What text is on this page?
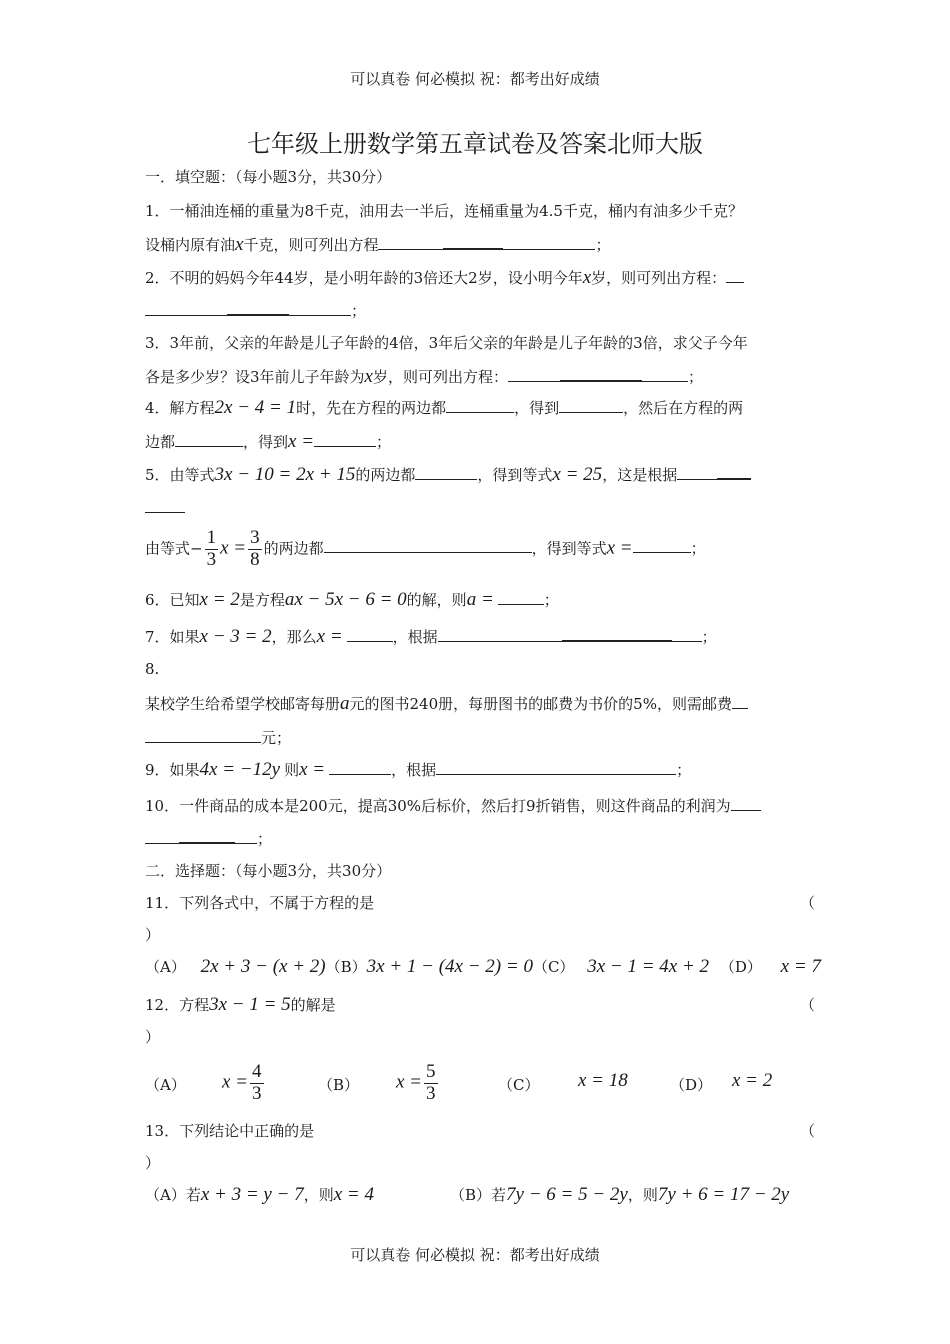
可以真卷 何必模拟 祝：都考出好成绩
七年级上册数学第五章试卷及答案北师大版
一．填空题：（每小题3分，共30分）
1．一桶油连桶的重量为8千克，油用去一半后，连桶重量为4.5千克，桶内有油多少千克？
设桶内原有油x千克，则可列出方程	；
2．不明的妈妈今年44岁，是小明年龄的3倍还大2岁，设小明今年x岁，则可列出方程：
；
3．3年前，父亲的年龄是儿子年龄的4倍，3年后父亲的年龄是儿子年龄的3倍，求父子今年
各是多少岁？设3年前儿子年龄为x岁，则可列出方程：	；
4．解方程2x − 4 = 1时，先在方程的两边都	，得到	，然后在方程的两
边都	，得到x =	；
5．由等式3x − 10 = 2x + 15的两边都	，得到等式x = 25，这是根据
由等式− $\frac{1}{3}$ $x = \frac{3}{8}$ 的两边都	，得到等式x =	；
6．已知x = 2是方程ax − 5x − 6 = 0的解，则a =	；
7．如果x − 3 = 2，那么x =	，根据	；
8.
某校学生给希望学校邮寄每册a元的图书240册，每册图书的邮费为书价的5%，则需邮费
元；
9．如果4x = −12y 则x =	，根据	；
10．一件商品的成本是200元，提高30%后标价，然后打9折销售，则这件商品的利润为
；
二．选择题：（每小题3分，共30分）
11．下列各式中，不属于方程的是	（
）
（A） 2x + 3 − (x + 2)（B）3x + 1 − (4x − 2) = 0（C） 3x − 1 = 4x + 2 （D） x = 7
12．方程3x − 1 = 5的解是	（
）
（A） $x = \frac{4}{3}$	（B） $x = \frac{5}{3}$	（C） x = 18	（D） x = 2
13．下列结论中正确的是	（
）
（A）若x + 3 = y − 7，则x = 4	（B）若7y − 6 = 5 − 2y，则7y + 6 = 17 − 2y
可以真卷 何必模拟 祝：都考出好成绩
